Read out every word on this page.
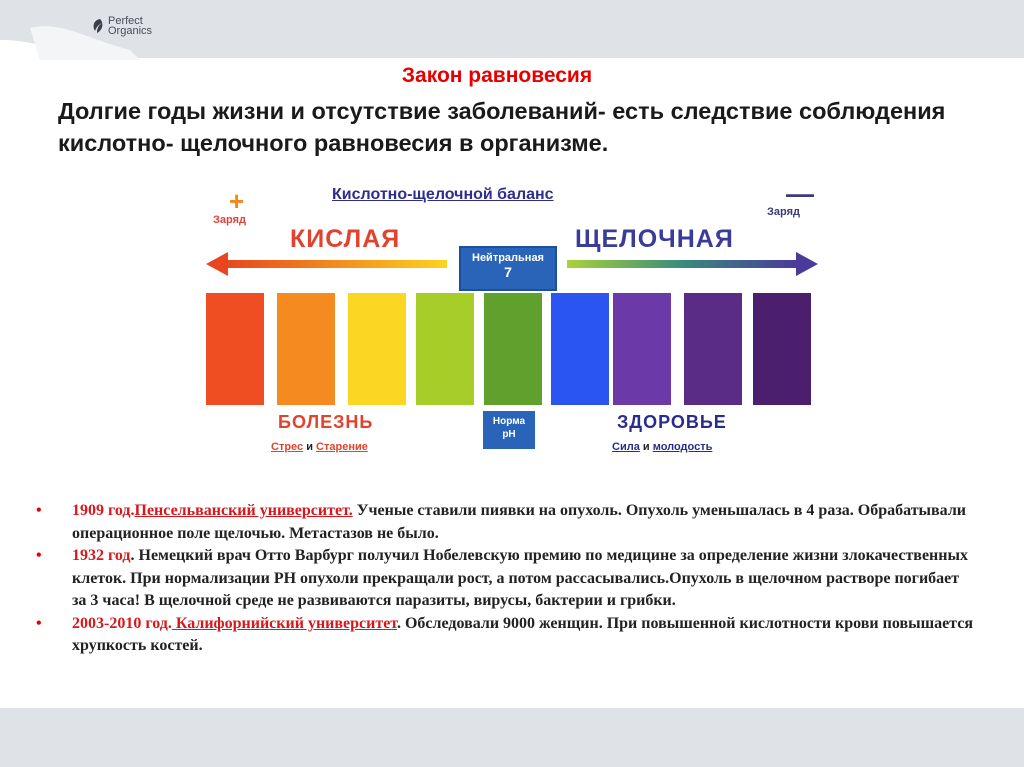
Perfect
Organics
Закон равновесия
Долгие годы жизни и отсутствие заболеваний- есть следствие соблюдения кислотно- щелочного равновесия в организме.
Кислотно-щелочной баланс
+	—
Заряд
Заряд
КИСЛАЯ	ЩЕЛОЧНАЯ
Нейтральная
7
БОЛЕЗНЬ	ЗДОРОВЬЕ
Норма
pH
Стрес и Старение	Сила и молодость

• 1909 год.Пенсельванский университет. Ученые ставили пиявки на опухоль. Опухоль уменьшалась в 4 раза. Обрабатывали операционное поле щелочью. Метастазов не было.

• 1932 год. Немецкий врач Отто Варбург получил Нобелевскую премию по медицине за определение жизни злокачественных клеток. При нормализации РН опухоли прекращали рост, а потом рассасывались.Опухоль в щелочном растворе погибает за 3 часа! В щелочной среде не развиваются паразиты, вирусы, бактерии и грибки.

• 2003-2010 год. Калифорнийский университет. Обследовали 9000 женщин. При повышенной кислотности крови повышается хрупкость костей.
